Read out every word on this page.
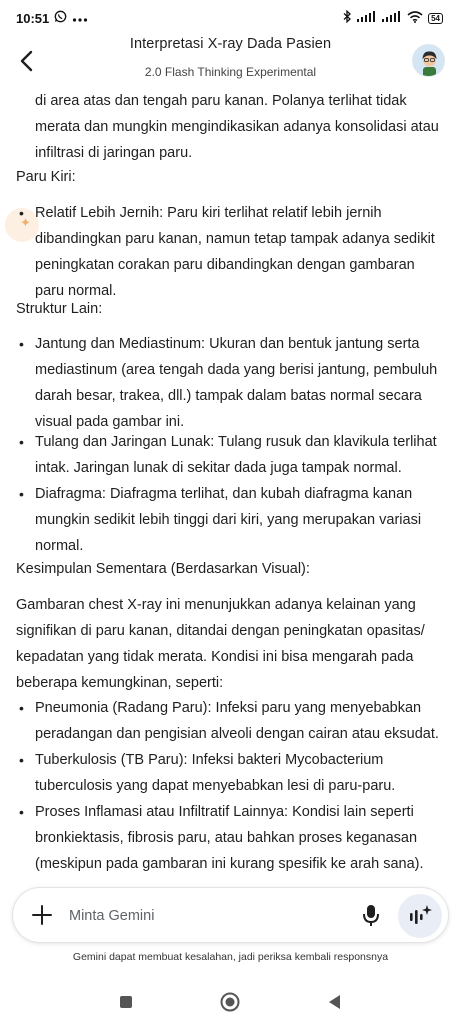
10:51	54
Interpretasi X-ray Dada Pasien
2.0 Flash Thinking Experimental
di area atas dan tengah paru kanan. Polanya terlihat tidak merata dan mungkin mengindikasikan adanya konsolidasi atau infiltrasi di jaringan paru.
Paru Kiri:
✦
• Relatif Lebih Jernih: Paru kiri terlihat relatif lebih jernih dibandingkan paru kanan, namun tetap tampak adanya sedikit peningkatan corakan paru dibandingkan dengan gambaran paru normal.
Struktur Lain:
• Jantung dan Mediastinum: Ukuran dan bentuk jantung serta mediastinum (area tengah dada yang berisi jantung, pembuluh darah besar, trakea, dll.) tampak dalam batas normal secara visual pada gambar ini.
• Tulang dan Jaringan Lunak: Tulang rusuk dan klavikula terlihat intak. Jaringan lunak di sekitar dada juga tampak normal.
• Diafragma: Diafragma terlihat, dan kubah diafragma kanan mungkin sedikit lebih tinggi dari kiri, yang merupakan variasi normal.
Kesimpulan Sementara (Berdasarkan Visual):
Gambaran chest X-ray ini menunjukkan adanya kelainan yang signifikan di paru kanan, ditandai dengan peningkatan opasitas/ kepadatan yang tidak merata. Kondisi ini bisa mengarah pada beberapa kemungkinan, seperti:
• Pneumonia (Radang Paru): Infeksi paru yang menyebabkan peradangan dan pengisian alveoli dengan cairan atau eksudat.
• Tuberkulosis (TB Paru): Infeksi bakteri Mycobacterium tuberculosis yang dapat menyebabkan lesi di paru-paru.
• Proses Inflamasi atau Infiltratif Lainnya: Kondisi lain seperti bronkiektasis, fibrosis paru, atau bahkan proses keganasan (meskipun pada gambaran ini kurang spesifik ke arah sana).
Minta Gemini
Gemini dapat membuat kesalahan, jadi periksa kembali responsnya
